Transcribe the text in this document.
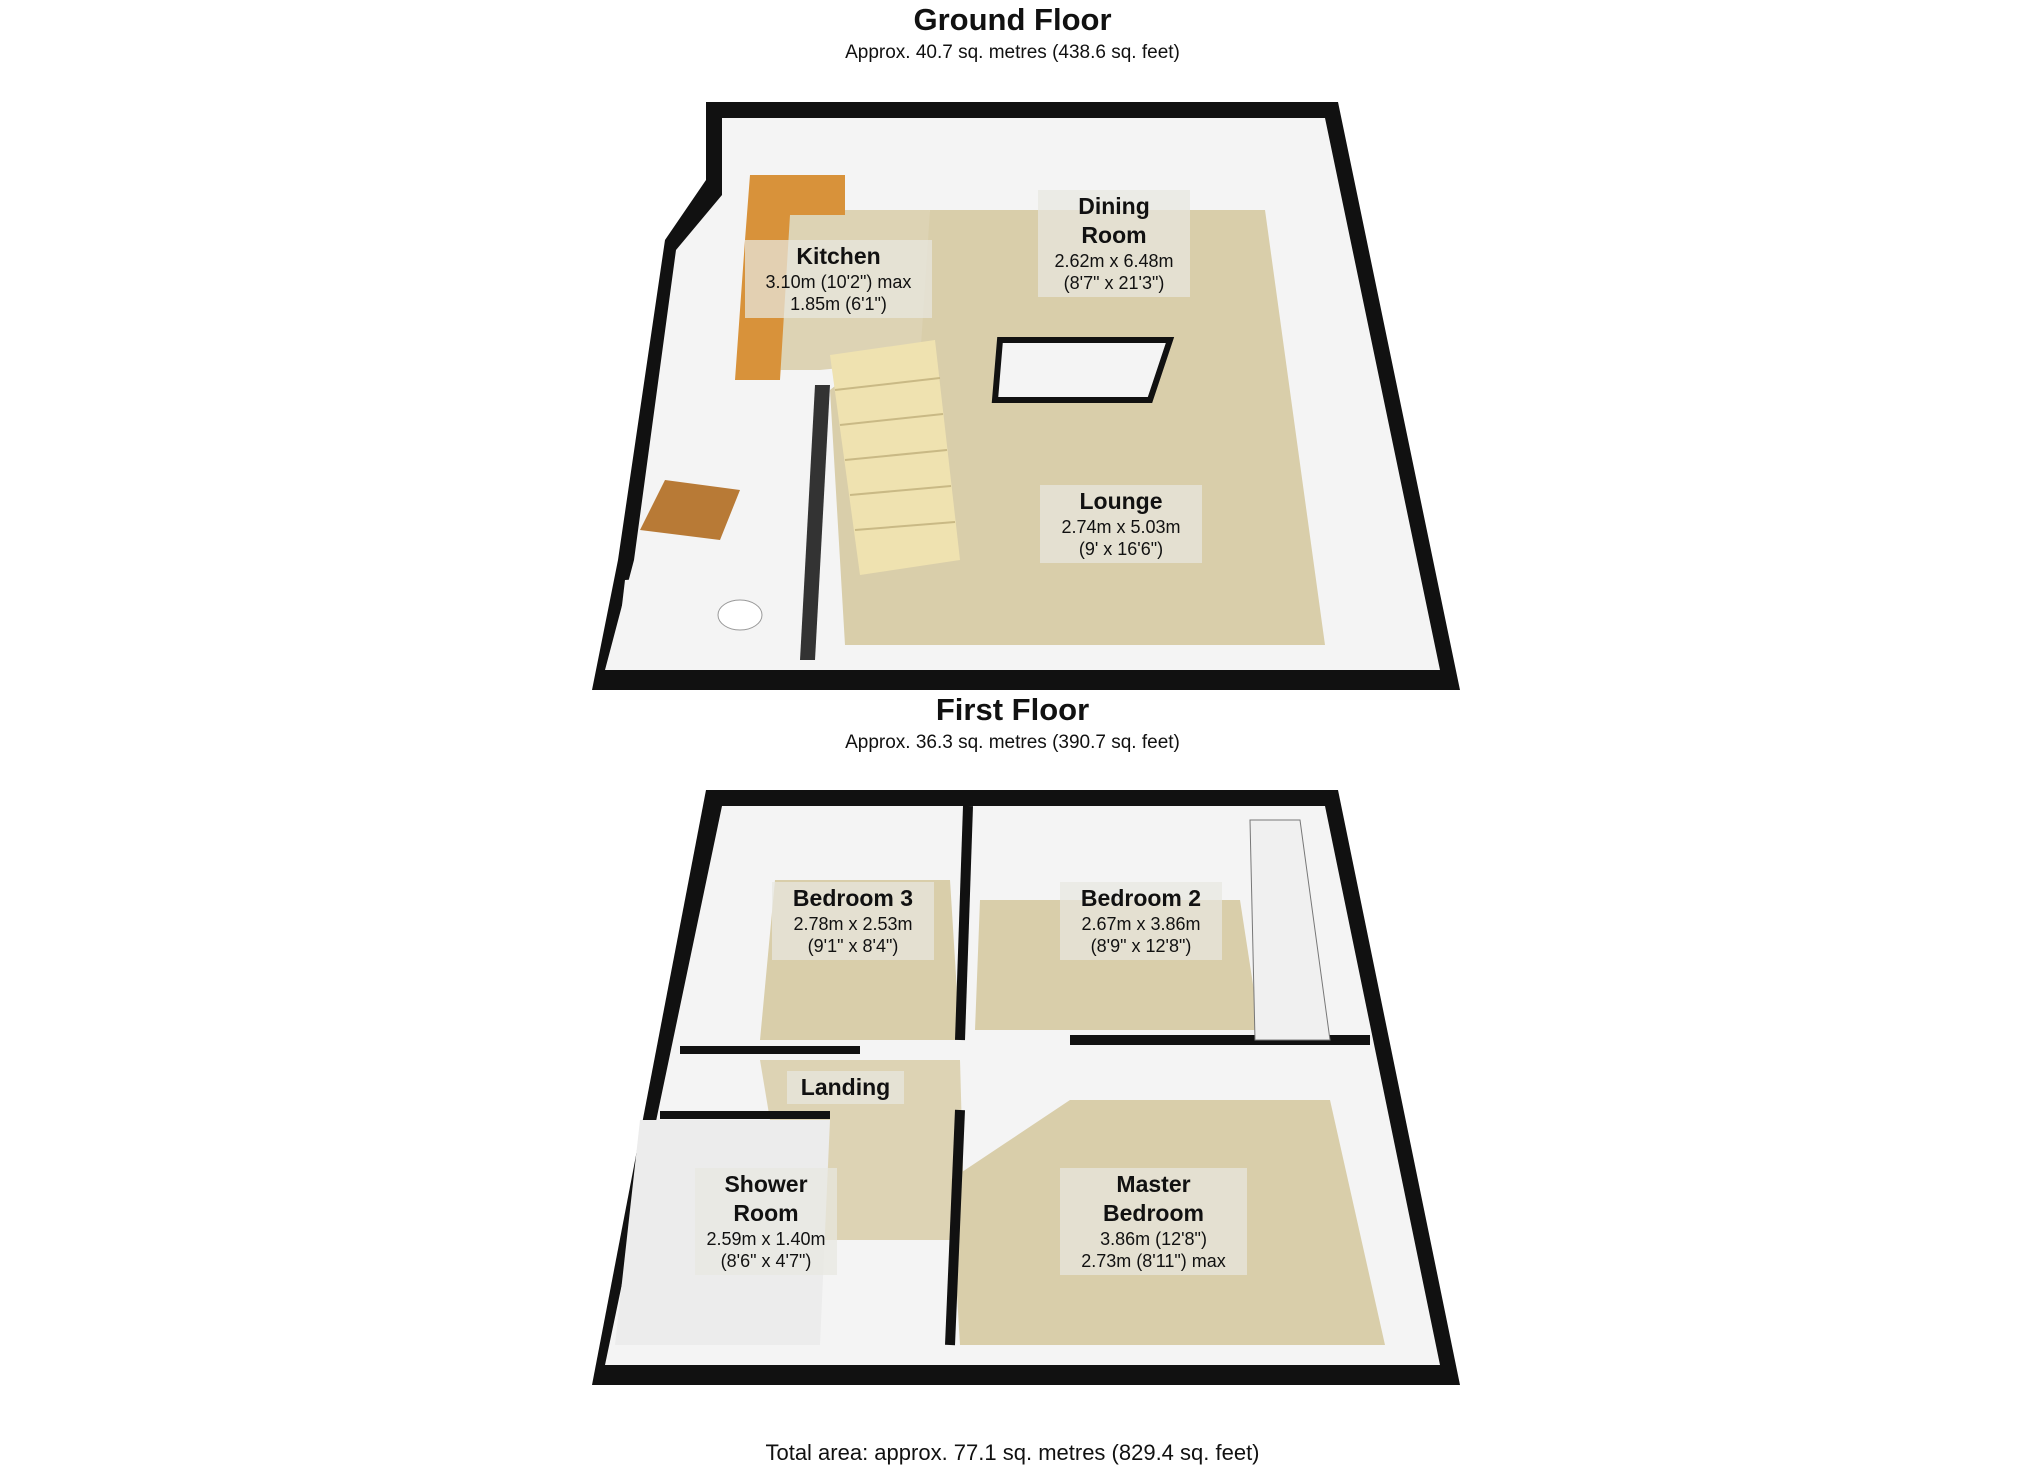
Ground Floor
Approx. 40.7 sq. metres (438.6 sq. feet)
First Floor
Approx. 36.3 sq. metres (390.7 sq. feet)
Dining Room
2.62m x 6.48m
(8'7" x 21'3")
Kitchen
3.10m (10'2") max
1.85m (6'1")
Lounge
2.74m x 5.03m
(9' x 16'6")
Bedroom 3
2.78m x 2.53m
(9'1" x 8'4")
Bedroom 2
2.67m x 3.86m
(8'9" x 12'8")
Landing
Shower Room
2.59m x 1.40m
(8'6" x 4'7")
Master Bedroom
3.86m (12'8")
2.73m (8'11") max
Total area: approx. 77.1 sq. metres (829.4 sq. feet)
